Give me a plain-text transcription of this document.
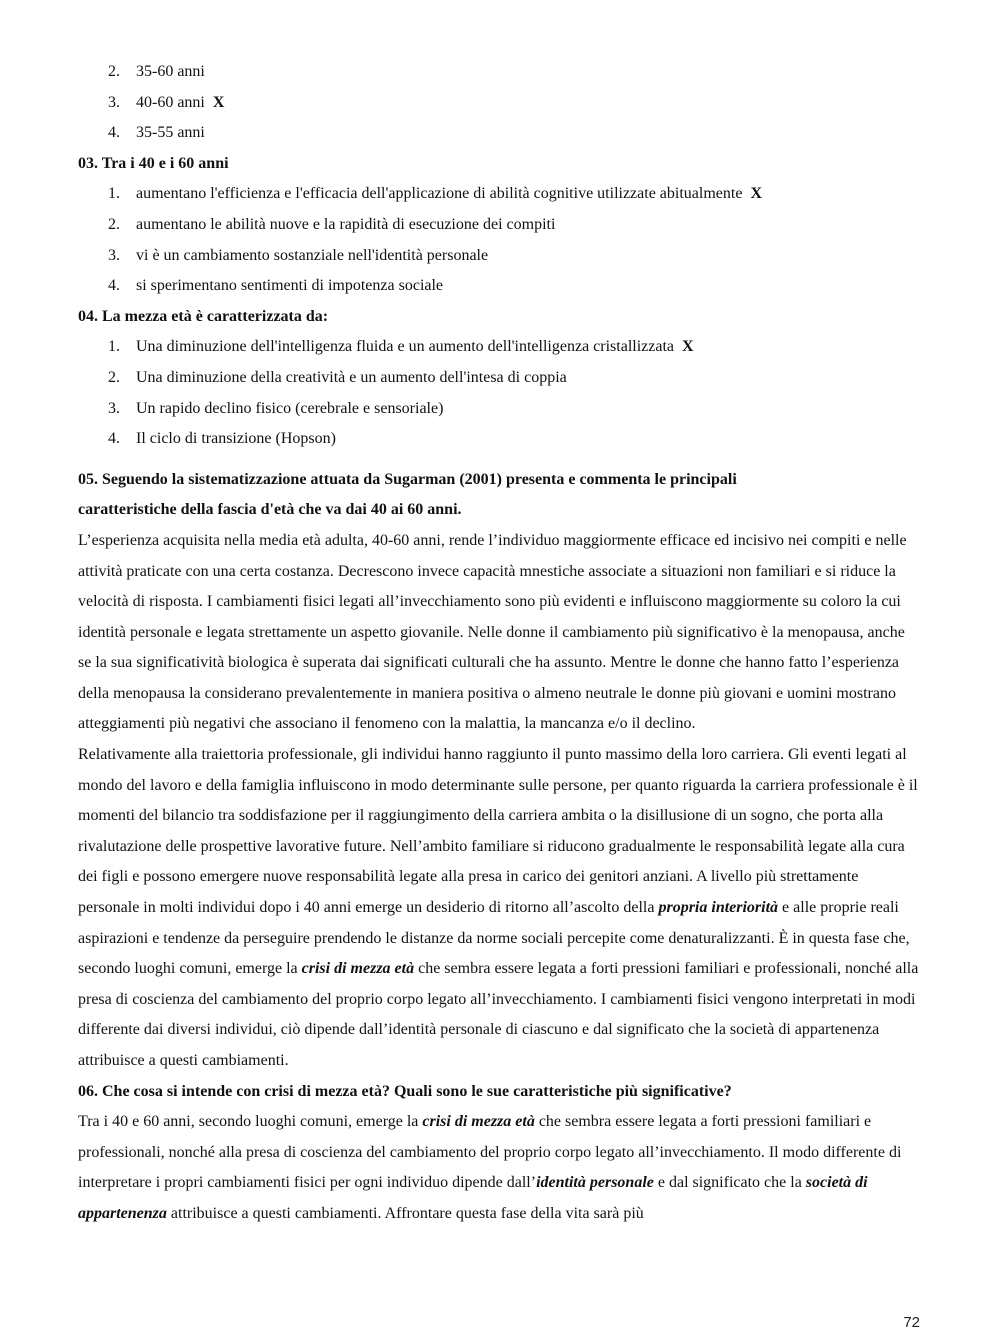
2. 35-60 anni
3. 40-60 anni X
4. 35-55 anni

03. Tra i 40 e i 60 anni

1. aumentano l'efficienza e l'efficacia dell'applicazione di abilità cognitive utilizzate abitualmente X
2. aumentano le abilità nuove e la rapidità di esecuzione dei compiti
3. vi è un cambiamento sostanziale nell'identità personale
4. si sperimentano sentimenti di impotenza sociale

04. La mezza età è caratterizzata da:

1. Una diminuzione dell'intelligenza fluida e un aumento dell'intelligenza cristallizzata X
2. Una diminuzione della creatività e un aumento dell'intesa di coppia
3. Un rapido declino fisico (cerebrale e sensoriale)
4. Il ciclo di transizione (Hopson)

05. Seguendo la sistematizzazione attuata da Sugarman (2001) presenta e commenta le principali
caratteristiche della fascia d'età che va dai 40 ai 60 anni.

L’esperienza acquisita nella media età adulta, 40-60 anni, rende l’individuo maggiormente efficace ed incisivo nei compiti e nelle attività praticate con una certa costanza. Decrescono invece capacità mnestiche associate a situazioni non familiari e si riduce la velocità di risposta. I cambiamenti fisici legati all’invecchiamento sono più evidenti e influiscono maggiormente su coloro la cui identità personale e legata strettamente un aspetto giovanile. Nelle donne il cambiamento più significativo è la menopausa, anche se la sua significatività biologica è superata dai significati culturali che ha assunto. Mentre le donne che hanno fatto l’esperienza della menopausa la considerano prevalentemente in maniera positiva o almeno neutrale le donne più giovani e uomini mostrano atteggiamenti più negativi che associano il fenomeno con la malattia, la mancanza e/o il declino.

Relativamente alla traiettoria professionale, gli individui hanno raggiunto il punto massimo della loro carriera. Gli eventi legati al mondo del lavoro e della famiglia influiscono in modo determinante sulle persone, per quanto riguarda la carriera professionale è il momenti del bilancio tra soddisfazione per il raggiungimento della carriera ambita o la disillusione di un sogno, che porta alla rivalutazione delle prospettive lavorative future. Nell’ambito familiare si riducono gradualmente le responsabilità legate alla cura dei figli e possono emergere nuove responsabilità legate alla presa in carico dei genitori anziani. A livello più strettamente personale in molti individui dopo i 40 anni emerge un desiderio di ritorno all’ascolto della propria interiorità e alle proprie reali aspirazioni e tendenze da perseguire prendendo le distanze da norme sociali percepite come denaturalizzanti. È in questa fase che, secondo luoghi comuni, emerge la crisi di mezza età che sembra essere legata a forti pressioni familiari e professionali, nonché alla presa di coscienza del cambiamento del proprio corpo legato all’invecchiamento. I cambiamenti fisici vengono interpretati in modi differente dai diversi individui, ciò dipende dall’identità personale di ciascuno e dal significato che la società di appartenenza attribuisce a questi cambiamenti.

06. Che cosa si intende con crisi di mezza età? Quali sono le sue caratteristiche più significative?

Tra i 40 e 60 anni, secondo luoghi comuni, emerge la crisi di mezza età che sembra essere legata a forti pressioni familiari e professionali, nonché alla presa di coscienza del cambiamento del proprio corpo legato all’invecchiamento. Il modo differente di interpretare i propri cambiamenti fisici per ogni individuo dipende dall’identità personale e dal significato che la società di appartenenza attribuisce a questi cambiamenti. Affrontare questa fase della vita sarà più

72
